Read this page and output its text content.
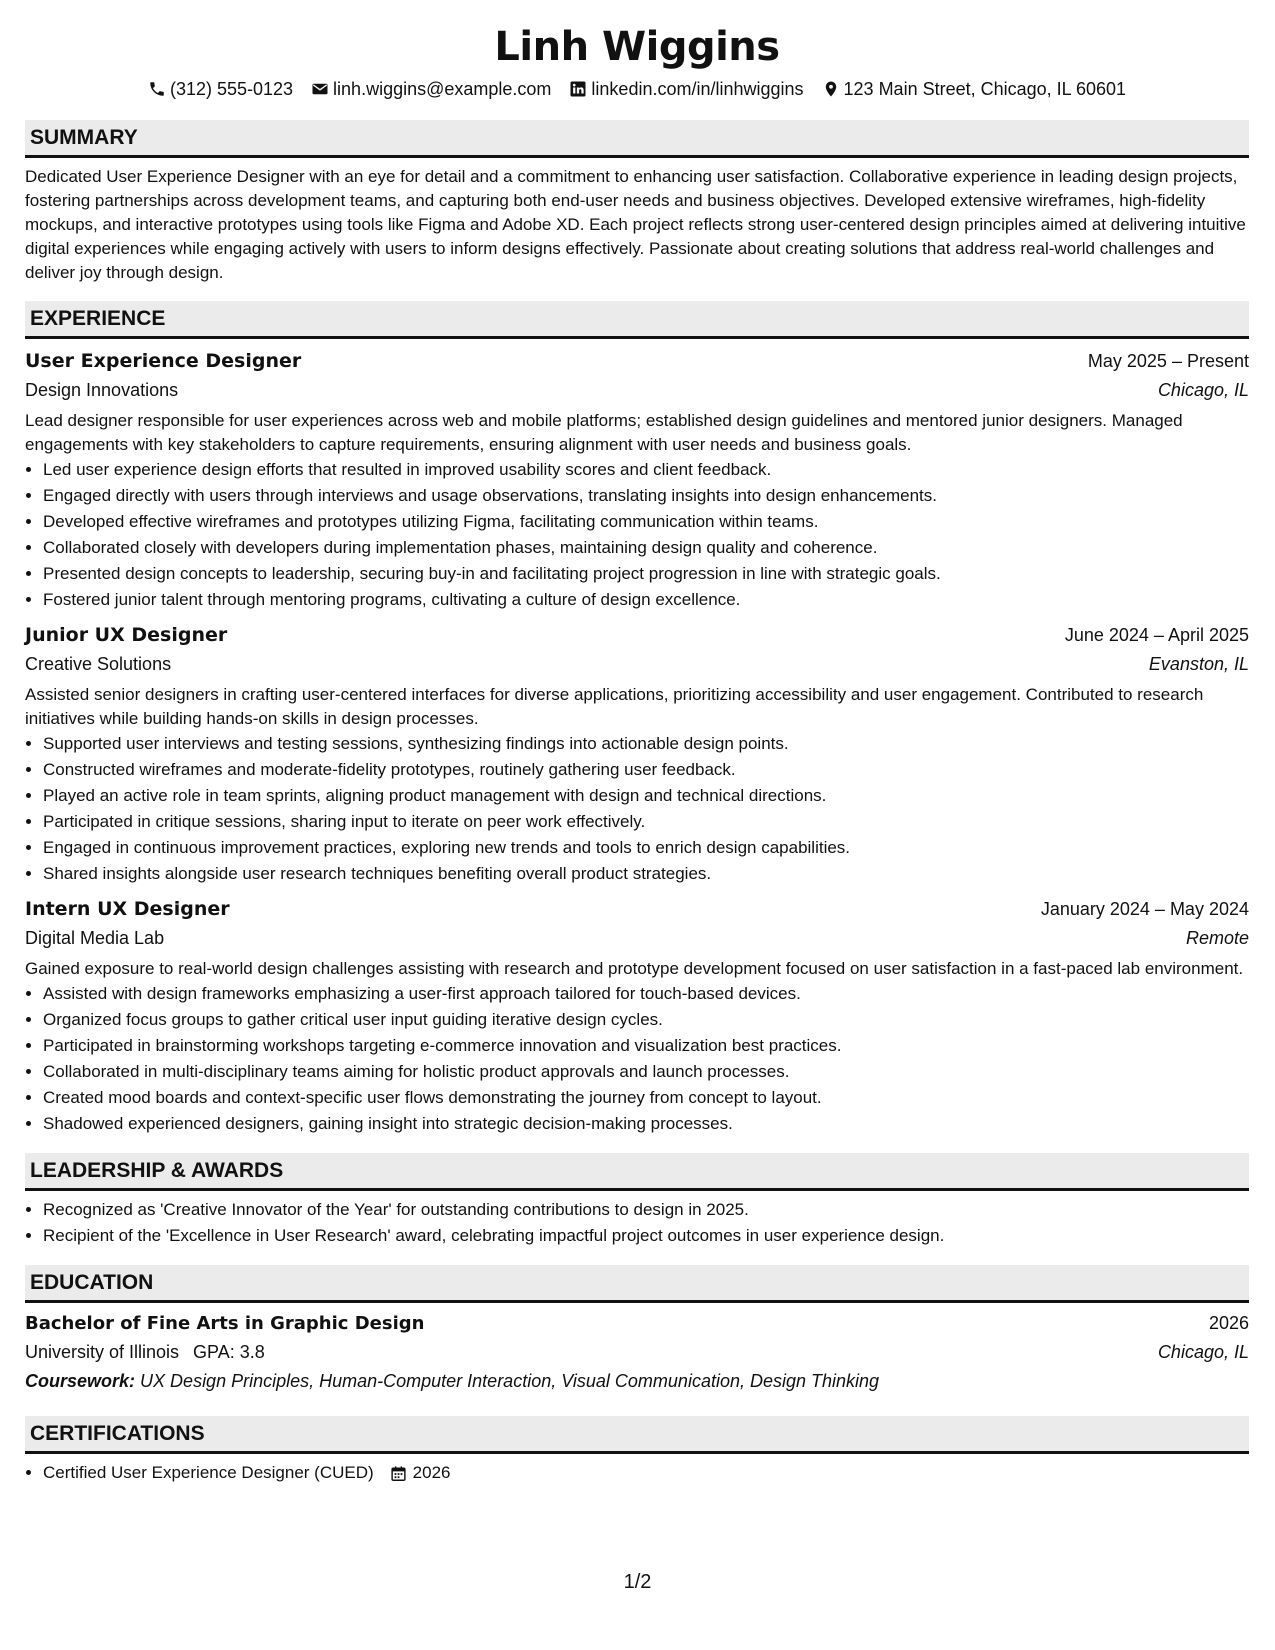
Linh Wiggins
(312) 555-0123 linh.wiggins@example.com linkedin.com/in/linhwiggins 123 Main Street, Chicago, IL 60601
SUMMARY
Dedicated User Experience Designer with an eye for detail and a commitment to enhancing user satisfaction. Collaborative experience in leading design projects, fostering partnerships across development teams, and capturing both end-user needs and business objectives. Developed extensive wireframes, high-fidelity mockups, and interactive prototypes using tools like Figma and Adobe XD. Each project reflects strong user-centered design principles aimed at delivering intuitive digital experiences while engaging actively with users to inform designs effectively. Passionate about creating solutions that address real-world challenges and deliver joy through design.
EXPERIENCE
User Experience Designer	May 2025 – Present
Design Innovations	Chicago, IL
Lead designer responsible for user experiences across web and mobile platforms; established design guidelines and mentored junior designers. Managed engagements with key stakeholders to capture requirements, ensuring alignment with user needs and business goals.
• Led user experience design efforts that resulted in improved usability scores and client feedback.
• Engaged directly with users through interviews and usage observations, translating insights into design enhancements.
• Developed effective wireframes and prototypes utilizing Figma, facilitating communication within teams.
• Collaborated closely with developers during implementation phases, maintaining design quality and coherence.
• Presented design concepts to leadership, securing buy-in and facilitating project progression in line with strategic goals.
• Fostered junior talent through mentoring programs, cultivating a culture of design excellence.
Junior UX Designer	June 2024 – April 2025
Creative Solutions	Evanston, IL
Assisted senior designers in crafting user-centered interfaces for diverse applications, prioritizing accessibility and user engagement. Contributed to research initiatives while building hands-on skills in design processes.
• Supported user interviews and testing sessions, synthesizing findings into actionable design points.
• Constructed wireframes and moderate-fidelity prototypes, routinely gathering user feedback.
• Played an active role in team sprints, aligning product management with design and technical directions.
• Participated in critique sessions, sharing input to iterate on peer work effectively.
• Engaged in continuous improvement practices, exploring new trends and tools to enrich design capabilities.
• Shared insights alongside user research techniques benefiting overall product strategies.
Intern UX Designer	January 2024 – May 2024
Digital Media Lab	Remote
Gained exposure to real-world design challenges assisting with research and prototype development focused on user satisfaction in a fast-paced lab environment.
• Assisted with design frameworks emphasizing a user-first approach tailored for touch-based devices.
• Organized focus groups to gather critical user input guiding iterative design cycles.
• Participated in brainstorming workshops targeting e-commerce innovation and visualization best practices.
• Collaborated in multi-disciplinary teams aiming for holistic product approvals and launch processes.
• Created mood boards and context-specific user flows demonstrating the journey from concept to layout.
• Shadowed experienced designers, gaining insight into strategic decision-making processes.
LEADERSHIP & AWARDS
• Recognized as 'Creative Innovator of the Year' for outstanding contributions to design in 2025.
• Recipient of the 'Excellence in User Research' award, celebrating impactful project outcomes in user experience design.
EDUCATION
Bachelor of Fine Arts in Graphic Design	2026
University of Illinois GPA: 3.8	Chicago, IL
Coursework: UX Design Principles, Human-Computer Interaction, Visual Communication, Design Thinking
CERTIFICATIONS
• Certified User Experience Designer (CUED) 2026
1/2
